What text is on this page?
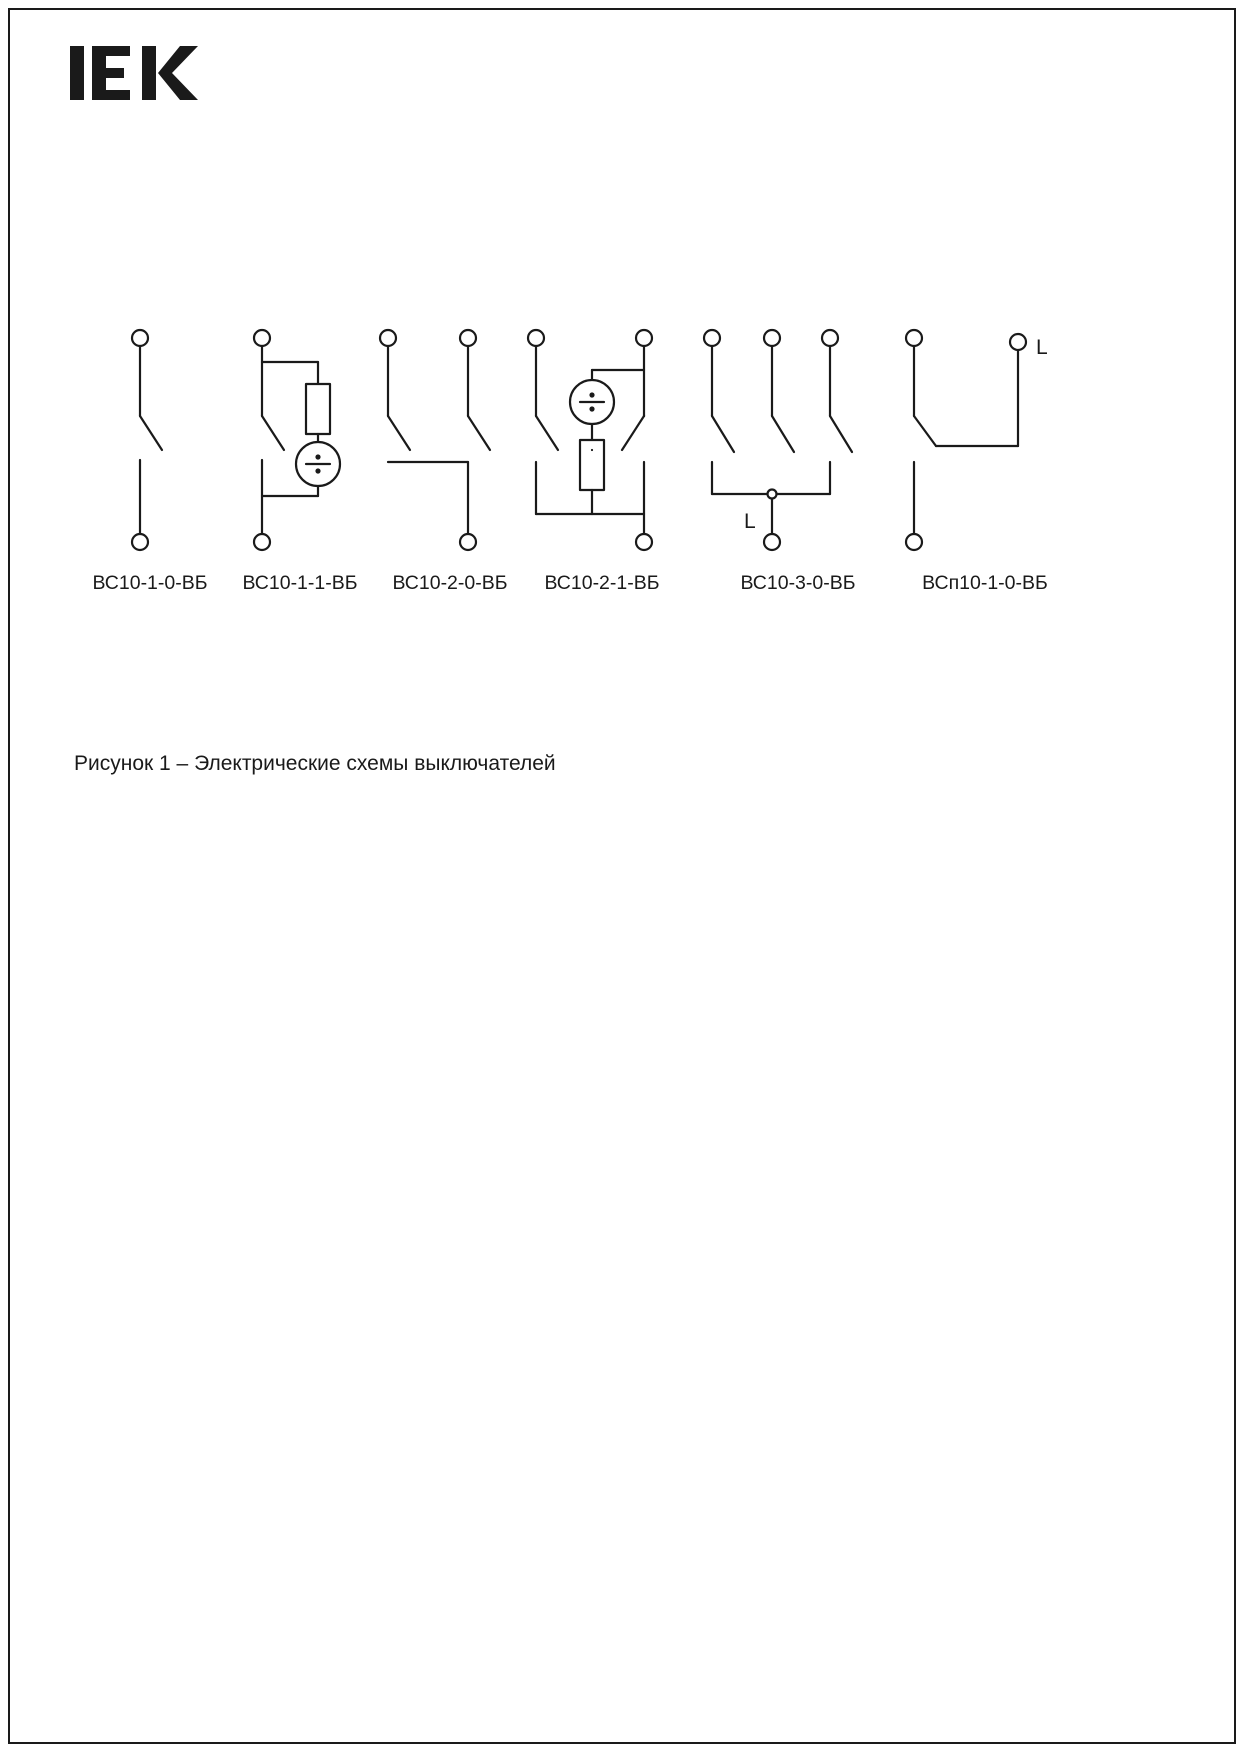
L
L
ВС10-1-0-ВБ	ВС10-1-1-ВБ	ВС10-2-0-ВБ	ВС10-2-1-ВБ	ВС10-3-0-ВБ	ВСп10-1-0-ВБ
Рисунок 1 – Электрические схемы выключателей
